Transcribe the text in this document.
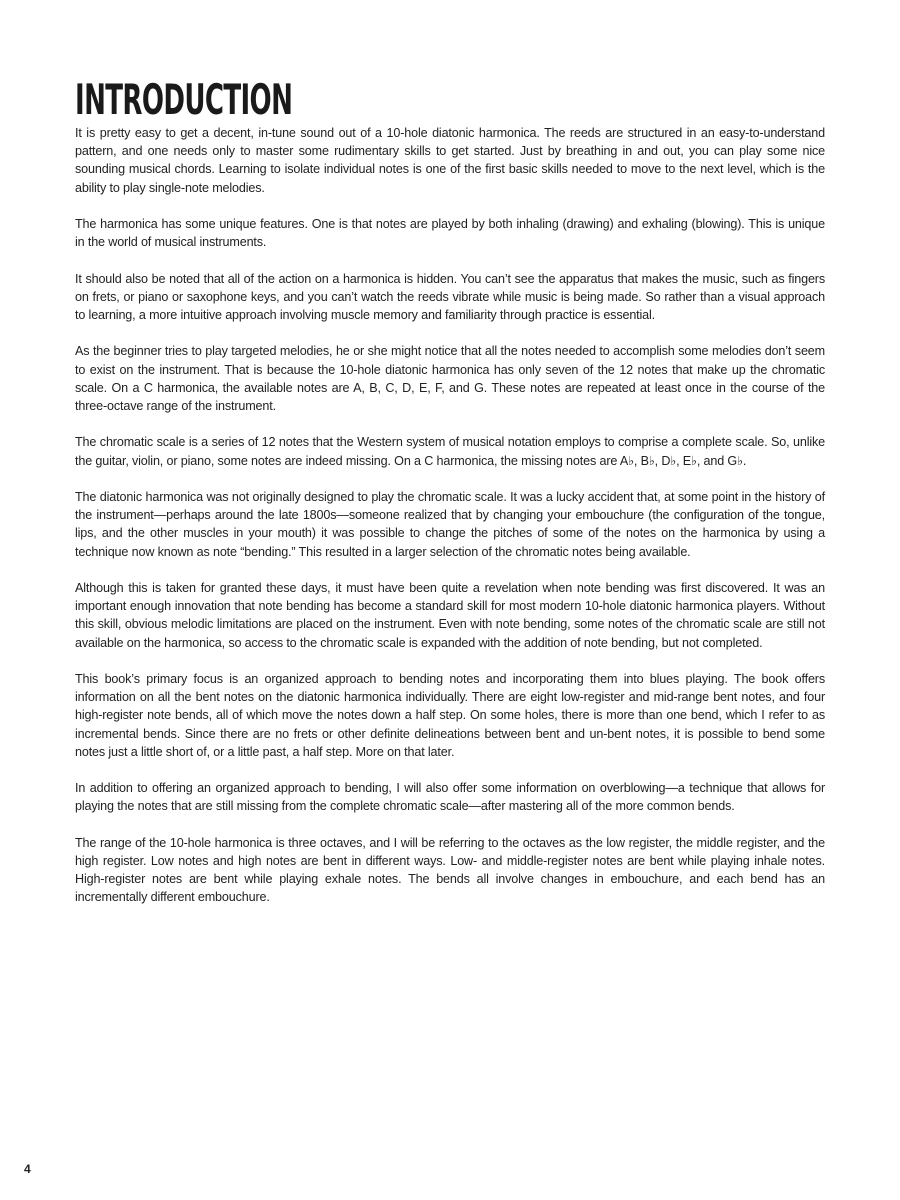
INTRODUCTION

It is pretty easy to get a decent, in-tune sound out of a 10-hole diatonic harmonica. The reeds are structured in an easy-to-understand pattern, and one needs only to master some rudimentary skills to get started. Just by breathing in and out, you can play some nice sounding musical chords. Learning to isolate individual notes is one of the first basic skills needed to move to the next level, which is the ability to play single-note melodies.

The harmonica has some unique features. One is that notes are played by both inhaling (drawing) and exhaling (blowing). This is unique in the world of musical instruments.

It should also be noted that all of the action on a harmonica is hidden. You can’t see the apparatus that makes the music, such as fingers on frets, or piano or saxophone keys, and you can’t watch the reeds vibrate while music is being made. So rather than a visual approach to learning, a more intuitive approach involving muscle memory and familiarity through practice is essential.

As the beginner tries to play targeted melodies, he or she might notice that all the notes needed to accomplish some melodies don’t seem to exist on the instrument. That is because the 10-hole diatonic harmonica has only seven of the 12 notes that make up the chromatic scale. On a C harmonica, the available notes are A, B, C, D, E, F, and G. These notes are repeated at least once in the course of the three-octave range of the instrument.

The chromatic scale is a series of 12 notes that the Western system of musical notation employs to comprise a complete scale. So, unlike the guitar, violin, or piano, some notes are indeed missing. On a C harmonica, the missing notes are A♭, B♭, D♭, E♭, and G♭.

The diatonic harmonica was not originally designed to play the chromatic scale. It was a lucky accident that, at some point in the history of the instrument—perhaps around the late 1800s—someone realized that by changing your embouchure (the configuration of the tongue, lips, and the other muscles in your mouth) it was possible to change the pitches of some of the notes on the harmonica by using a technique now known as note “bending.” This resulted in a larger selection of the chromatic notes being available.

Although this is taken for granted these days, it must have been quite a revelation when note bending was first discovered. It was an important enough innovation that note bending has become a standard skill for most modern 10-hole diatonic harmonica players. Without this skill, obvious melodic limitations are placed on the instrument. Even with note bending, some notes of the chromatic scale are still not available on the harmonica, so access to the chromatic scale is expanded with the addition of note bending, but not completed.

This book’s primary focus is an organized approach to bending notes and incorporating them into blues playing. The book offers information on all the bent notes on the diatonic harmonica individually. There are eight low-register and mid-range bent notes, and four high-register note bends, all of which move the notes down a half step. On some holes, there is more than one bend, which I refer to as incremental bends. Since there are no frets or other definite delineations between bent and un-bent notes, it is possible to bend some notes just a little short of, or a little past, a half step. More on that later.

In addition to offering an organized approach to bending, I will also offer some information on overblowing—a technique that allows for playing the notes that are still missing from the complete chromatic scale—after mastering all of the more common bends.

The range of the 10-hole harmonica is three octaves, and I will be referring to the octaves as the low register, the middle register, and the high register. Low notes and high notes are bent in different ways. Low- and middle-register notes are bent while playing inhale notes. High-register notes are bent while playing exhale notes. The bends all involve changes in embouchure, and each bend has an incrementally different embouchure.

4
